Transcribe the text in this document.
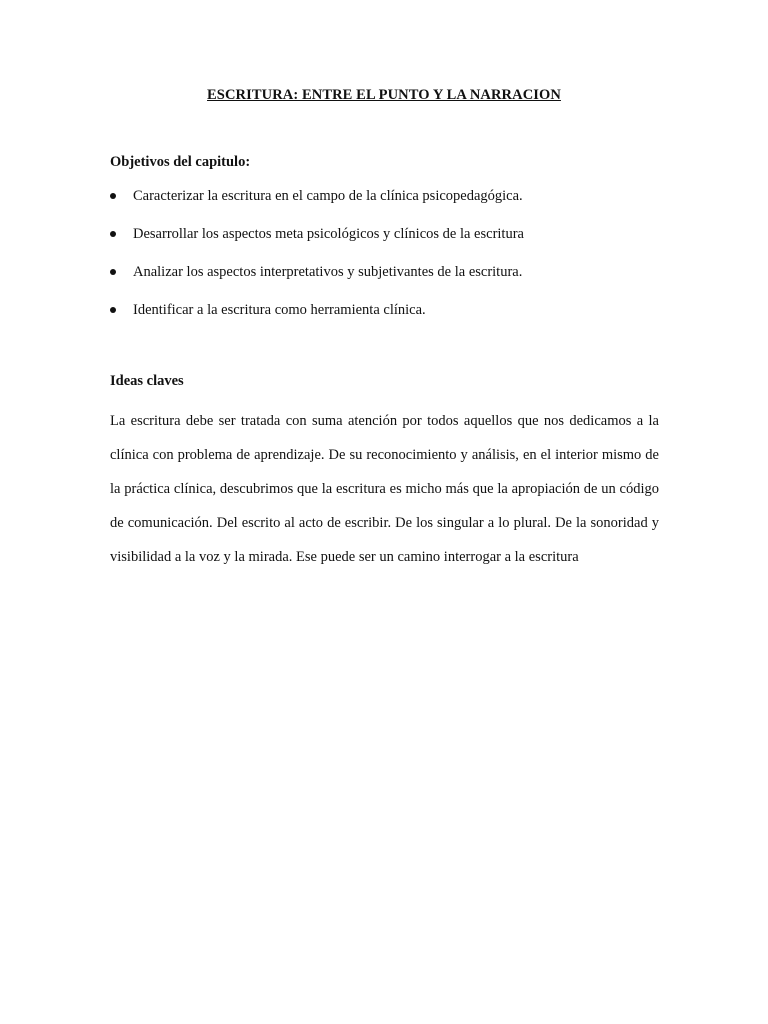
ESCRITURA: ENTRE EL PUNTO Y LA NARRACION
Objetivos del capitulo:
Caracterizar la escritura en el campo de la clínica psicopedagógica.
Desarrollar los aspectos meta psicológicos y clínicos de la escritura
Analizar los aspectos interpretativos y subjetivantes de la escritura.
Identificar a la escritura como herramienta clínica.
Ideas claves

La escritura debe ser tratada con suma atención por todos aquellos que nos dedicamos a la clínica con problema de aprendizaje. De su reconocimiento y análisis, en el interior mismo de la práctica clínica, descubrimos que la escritura es micho más que la apropiación de un código de comunicación. Del escrito al acto de escribir. De los singular a lo plural. De la sonoridad y visibilidad a la voz y la mirada. Ese puede ser un camino interrogar a la escritura
